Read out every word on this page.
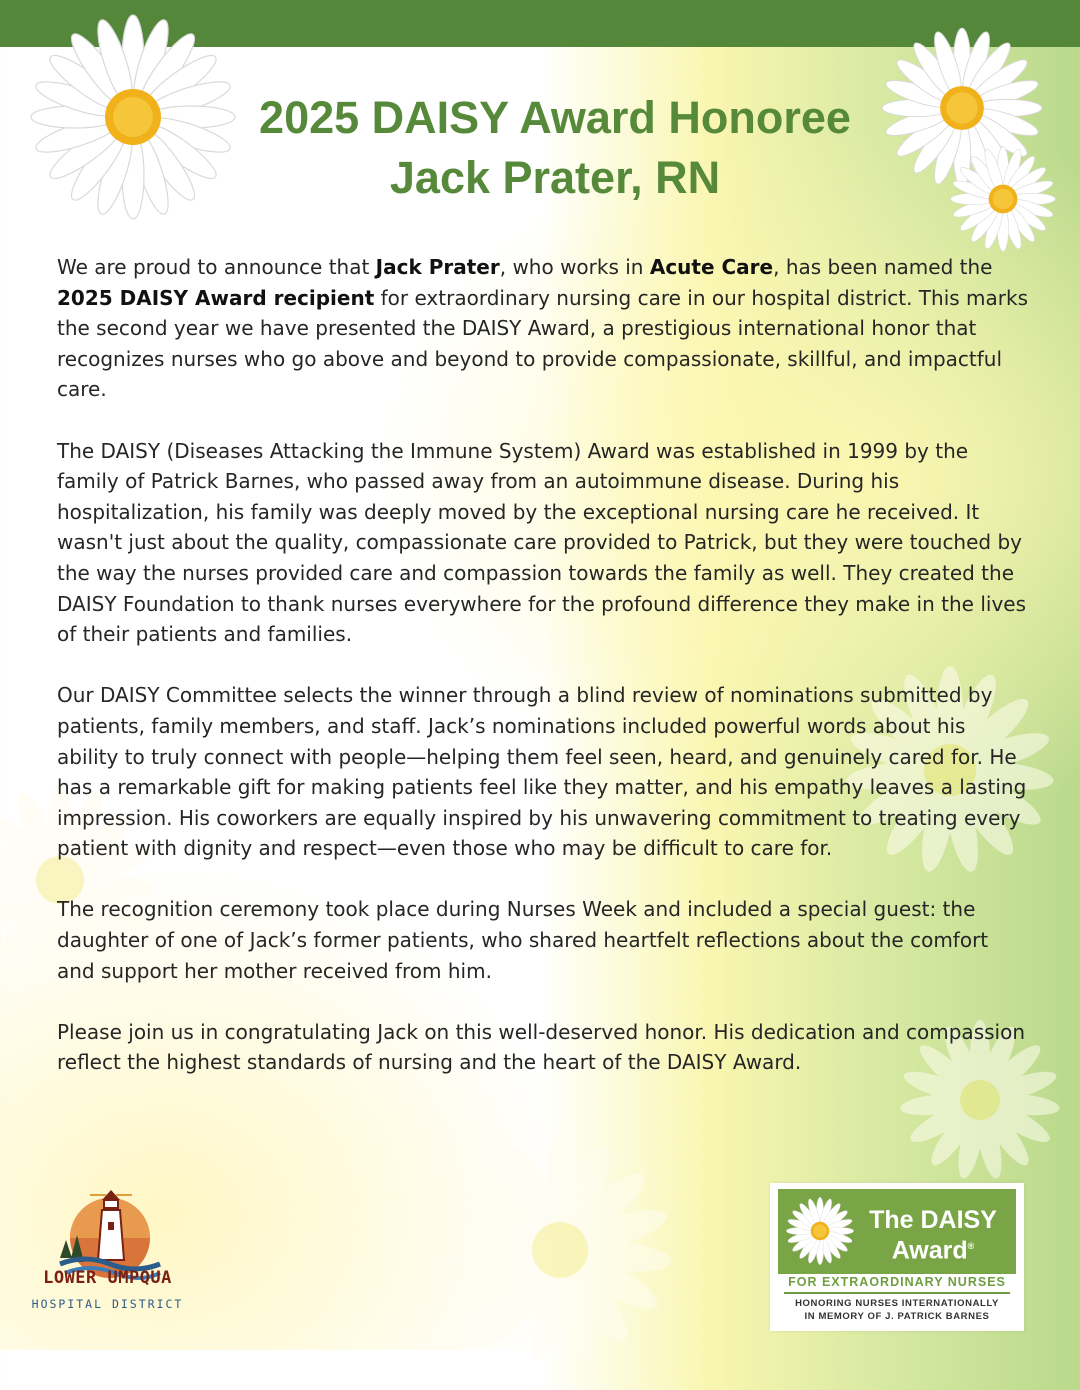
2025 DAISY Award Honoree
Jack Prater, RN

We are proud to announce that Jack Prater, who works in Acute Care, has been named the 2025 DAISY Award recipient for extraordinary nursing care in our hospital district. This marks the second year we have presented the DAISY Award, a prestigious international honor that recognizes nurses who go above and beyond to provide compassionate, skillful, and impactful care.

The DAISY (Diseases Attacking the Immune System) Award was established in 1999 by the family of Patrick Barnes, who passed away from an autoimmune disease. During his hospitalization, his family was deeply moved by the exceptional nursing care he received. It wasn't just about the quality, compassionate care provided to Patrick, but they were touched by the way the nurses provided care and compassion towards the family as well. They created the DAISY Foundation to thank nurses everywhere for the profound difference they make in the lives of their patients and families.

Our DAISY Committee selects the winner through a blind review of nominations submitted by patients, family members, and staff. Jack’s nominations included powerful words about his ability to truly connect with people—helping them feel seen, heard, and genuinely cared for. He has a remarkable gift for making patients feel like they matter, and his empathy leaves a lasting impression. His coworkers are equally inspired by his unwavering commitment to treating every patient with dignity and respect—even those who may be difficult to care for.

The recognition ceremony took place during Nurses Week and included a special guest: the daughter of one of Jack’s former patients, who shared heartfelt reflections about the comfort and support her mother received from him.

Please join us in congratulating Jack on this well-deserved honor. His dedication and compassion reflect the highest standards of nursing and the heart of the DAISY Award.

LOWER UMPQUA
HOSPITAL DISTRICT
The DAISY
Award®
FOR EXTRAORDINARY NURSES
HONORING NURSES INTERNATIONALLY
IN MEMORY OF J. PATRICK BARNES
